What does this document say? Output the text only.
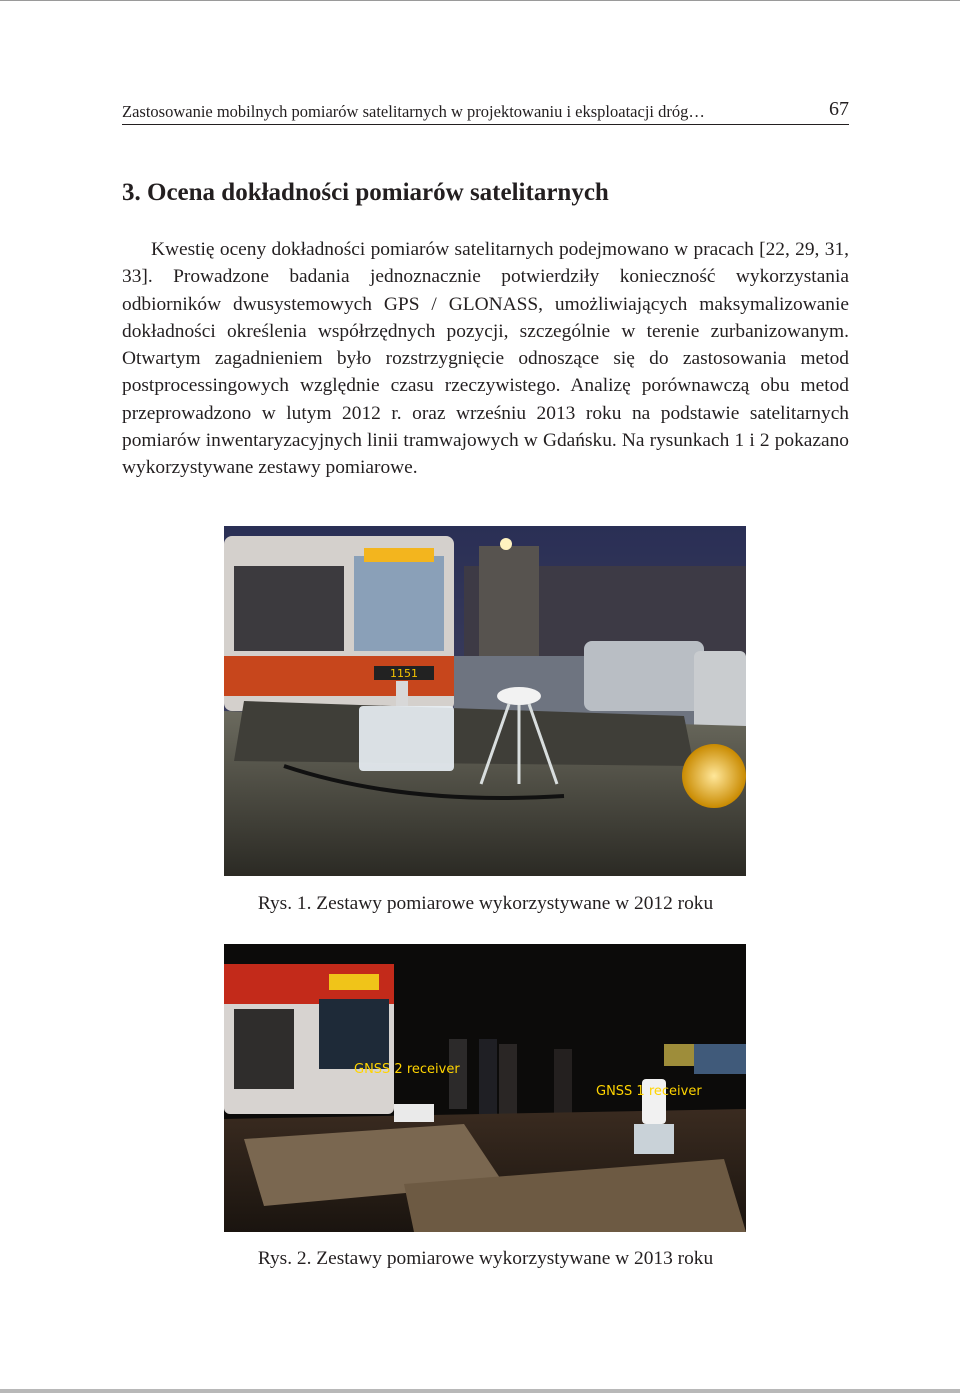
Zastosowanie mobilnych pomiarów satelitarnych w projektowaniu i eksploatacji dróg…	67
3. Ocena dokładności pomiarów satelitarnych

Kwestię oceny dokładności pomiarów satelitarnych podejmowano w pracach [22, 29, 31, 33]. Prowadzone badania jednoznacznie potwierdziły konieczność wykorzystania odbiorników dwusystemowych GPS / GLONASS, umożliwiających maksymalizowanie dokładności określenia współrzędnych pozycji, szczególnie w terenie zurbanizowanym. Otwartym zagadnieniem było rozstrzygnięcie odnoszące się do zastosowania metod postprocessingowych względnie czasu rzeczywistego. Analizę porównawczą obu metod przeprowadzono w lutym 2012 r. oraz wrześniu 2013 roku na podstawie satelitarnych pomiarów inwentaryzacyjnych linii tramwajowych w Gdańsku. Na rysunkach 1 i 2 pokazano wykorzystywane zestawy pomiarowe.

1151
Rys. 1. Zestawy pomiarowe wykorzystywane w 2012 roku
GNSS 2 receiver
GNSS 1 receiver
Rys. 2. Zestawy pomiarowe wykorzystywane w 2013 roku
